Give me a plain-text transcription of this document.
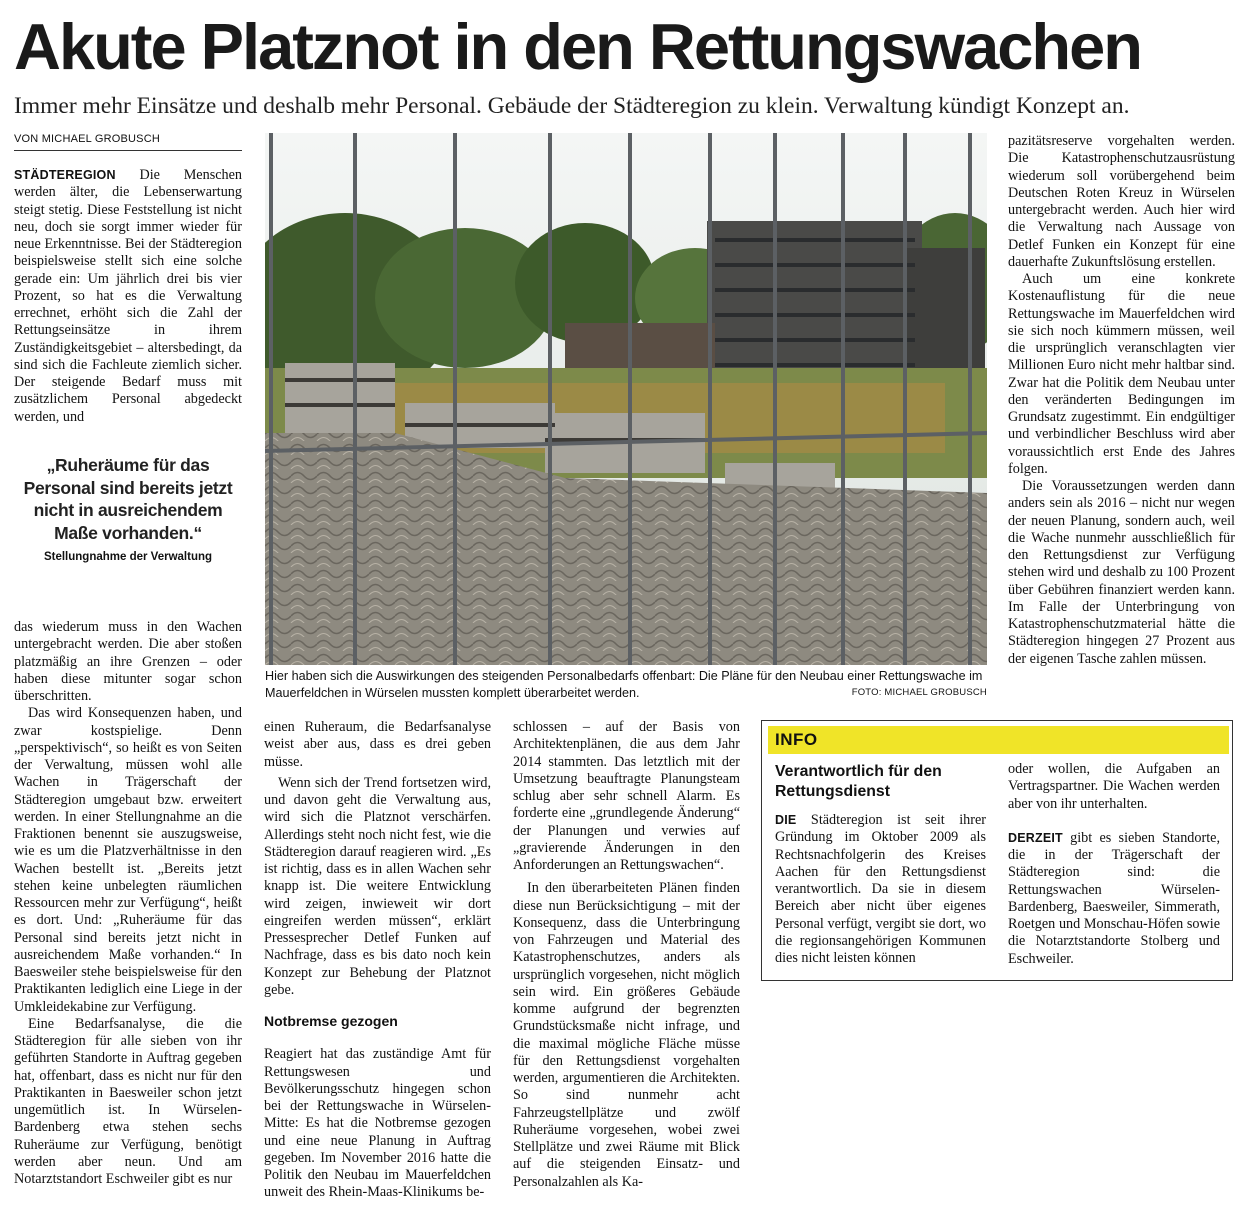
Akute Platznot in den Rettungswachen

Immer mehr Einsätze und deshalb mehr Personal. Gebäude der Städteregion zu klein. Verwaltung kündigt Konzept an.

VON MICHAEL GROBUSCH

STÄDTEREGION Die Menschen werden älter, die Lebenserwartung steigt stetig. Diese Feststellung ist nicht neu, doch sie sorgt immer wieder für neue Erkenntnisse. Bei der Städteregion beispielsweise stellt sich eine solche gerade ein: Um jährlich drei bis vier Prozent, so hat es die Verwaltung errechnet, erhöht sich die Zahl der Rettungseinsätze in ihrem Zuständigkeitsgebiet – altersbedingt, da sind sich die Fachleute ziemlich sicher. Der steigende Bedarf muss mit zusätzlichem Personal abgedeckt werden, und

„Ruheräume für das Personal sind bereits jetzt nicht in ausreichendem Maße vorhanden.“
Stellungnahme der Verwaltung

das wiederum muss in den Wachen untergebracht werden. Die aber stoßen platzmäßig an ihre Grenzen – oder haben diese mitunter sogar schon überschritten.

Das wird Konsequenzen haben, und zwar kostspielige. Denn „perspektivisch“, so heißt es von Seiten der Verwaltung, müssen wohl alle Wachen in Trägerschaft der Städteregion umgebaut bzw. erweitert werden. In einer Stellungnahme an die Fraktionen benennt sie auszugsweise, wie es um die Platzverhältnisse in den Wachen bestellt ist. „Bereits jetzt stehen keine unbelegten räumlichen Ressourcen mehr zur Verfügung“, heißt es dort. Und: „Ruheräume für das Personal sind bereits jetzt nicht in ausreichendem Maße vorhanden.“ In Baesweiler stehe beispielsweise für den Praktikanten lediglich eine Liege in der Umkleidekabine zur Verfügung.

Eine Bedarfsanalyse, die die Städteregion für alle sieben von ihr geführten Standorte in Auftrag gegeben hat, offenbart, dass es nicht nur für den Praktikanten in Baesweiler schon jetzt ungemütlich ist. In Würselen-Bardenberg etwa stehen sechs Ruheräume zur Verfügung, benötigt werden aber neun. Und am Notarztstandort Eschweiler gibt es nur

Hier haben sich die Auswirkungen des steigenden Personalbedarfs offenbart: Die Pläne für den Neubau einer Rettungswache im Mauerfeldchen in Würselen mussten komplett überarbeitet werden.	FOTO: MICHAEL GROBUSCH

einen Ruheraum, die Bedarfsanalyse weist aber aus, dass es drei geben müsse.

Wenn sich der Trend fortsetzen wird, und davon geht die Verwaltung aus, wird sich die Platznot verschärfen. Allerdings steht noch nicht fest, wie die Städteregion darauf reagieren wird. „Es ist richtig, dass es in allen Wachen sehr knapp ist. Die weitere Entwicklung wird zeigen, inwieweit wir dort eingreifen werden müssen“, erklärt Pressesprecher Detlef Funken auf Nachfrage, dass es bis dato noch kein Konzept zur Behebung der Platznot gebe.

Notbremse gezogen

Reagiert hat das zuständige Amt für Rettungswesen und Bevölkerungsschutz hingegen schon bei der Rettungswache in Würselen-Mitte: Es hat die Notbremse gezogen und eine neue Planung in Auftrag gegeben. Im November 2016 hatte die Politik den Neubau im Mauerfeldchen unweit des Rhein-Maas-Klinikums be-

schlossen – auf der Basis von Architektenplänen, die aus dem Jahr 2014 stammten. Das letztlich mit der Umsetzung beauftragte Planungsteam schlug aber sehr schnell Alarm. Es forderte eine „grundlegende Änderung“ der Planungen und verwies auf „gravierende Änderungen in den Anforderungen an Rettungswachen“.

In den überarbeiteten Plänen finden diese nun Berücksichtigung – mit der Konsequenz, dass die Unterbringung von Fahrzeugen und Material des Katastrophenschutzes, anders als ursprünglich vorgesehen, nicht möglich sein wird. Ein größeres Gebäude komme aufgrund der begrenzten Grundstücksmaße nicht infrage, und die maximal mögliche Fläche müsse für den Rettungsdienst vorgehalten werden, argumentieren die Architekten. So sind nunmehr acht Fahrzeugstellplätze und zwölf Ruheräume vorgesehen, wobei zwei Stellplätze und zwei Räume mit Blick auf die steigenden Einsatz- und Personalzahlen als Ka-

pazitätsreserve vorgehalten werden. Die Katastrophenschutzausrüstung wiederum soll vorübergehend beim Deutschen Roten Kreuz in Würselen untergebracht werden. Auch hier wird die Verwaltung nach Aussage von Detlef Funken ein Konzept für eine dauerhafte Zukunftslösung erstellen.

Auch um eine konkrete Kostenauflistung für die neue Rettungswache im Mauerfeldchen wird sie sich noch kümmern müssen, weil die ursprünglich veranschlagten vier Millionen Euro nicht mehr haltbar sind. Zwar hat die Politik dem Neubau unter den veränderten Bedingungen im Grundsatz zugestimmt. Ein endgültiger und verbindlicher Beschluss wird aber voraussichtlich erst Ende des Jahres folgen.

Die Voraussetzungen werden dann anders sein als 2016 – nicht nur wegen der neuen Planung, sondern auch, weil die Wache nunmehr ausschließlich für den Rettungsdienst zur Verfügung stehen wird und deshalb zu 100 Prozent über Gebühren finanziert werden kann. Im Falle der Unterbringung von Katastrophenschutzmaterial hätte die Städteregion hingegen 27 Prozent aus der eigenen Tasche zahlen müssen.

INFO
Verantwortlich für den Rettungsdienst
DIE Städteregion ist seit ihrer Gründung im Oktober 2009 als Rechtsnachfolgerin des Kreises Aachen für den Rettungsdienst verantwortlich. Da sie in diesem Bereich aber nicht über eigenes Personal verfügt, vergibt sie dort, wo die regionsangehörigen Kommunen dies nicht leisten können
oder wollen, die Aufgaben an Vertragspartner. Die Wachen werden aber von ihr unterhalten.
DERZEIT gibt es sieben Standorte, die in der Trägerschaft der Städteregion sind: die Rettungswachen Würselen-Bardenberg, Baesweiler, Simmerath, Roetgen und Monschau-Höfen sowie die Notarztstandorte Stolberg und Eschweiler.
